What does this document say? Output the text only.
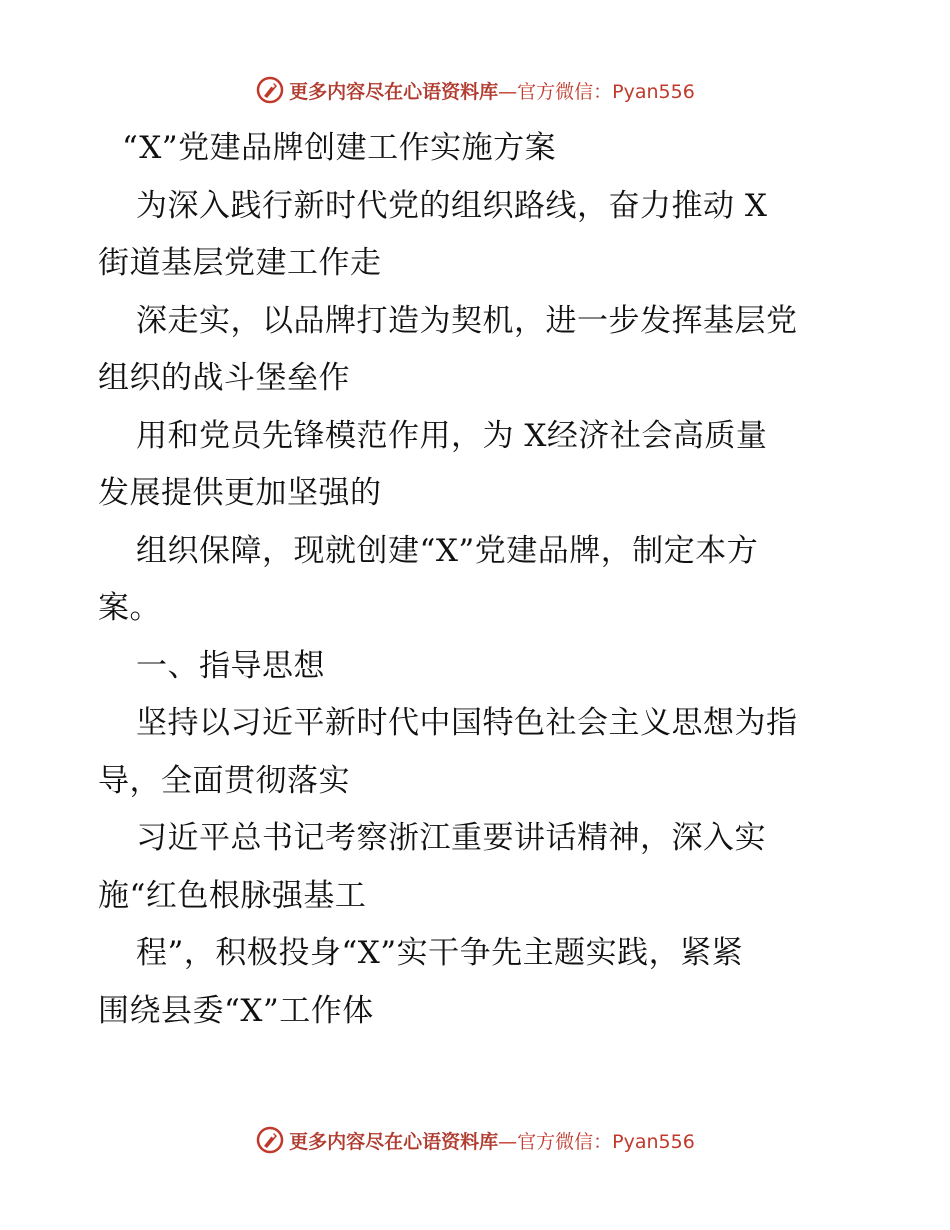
更多内容尽在心语资料库—官方微信：Pyan556
“X”党建品牌创建工作实施方案
为深入践行新时代党的组织路线，奋力推动 X
街道基层党建工作走
深走实，以品牌打造为契机，进一步发挥基层党
组织的战斗堡垒作
用和党员先锋模范作用，为 X经济社会高质量
发展提供更加坚强的
组织保障，现就创建“X”党建品牌，制定本方
案。
一、指导思想
坚持以习近平新时代中国特色社会主义思想为指
导，全面贯彻落实
习近平总书记考察浙江重要讲话精神，深入实
施“红色根脉强基工
程”，积极投身“X”实干争先主题实践，紧紧
围绕县委“X”工作体
更多内容尽在心语资料库—官方微信：Pyan556
